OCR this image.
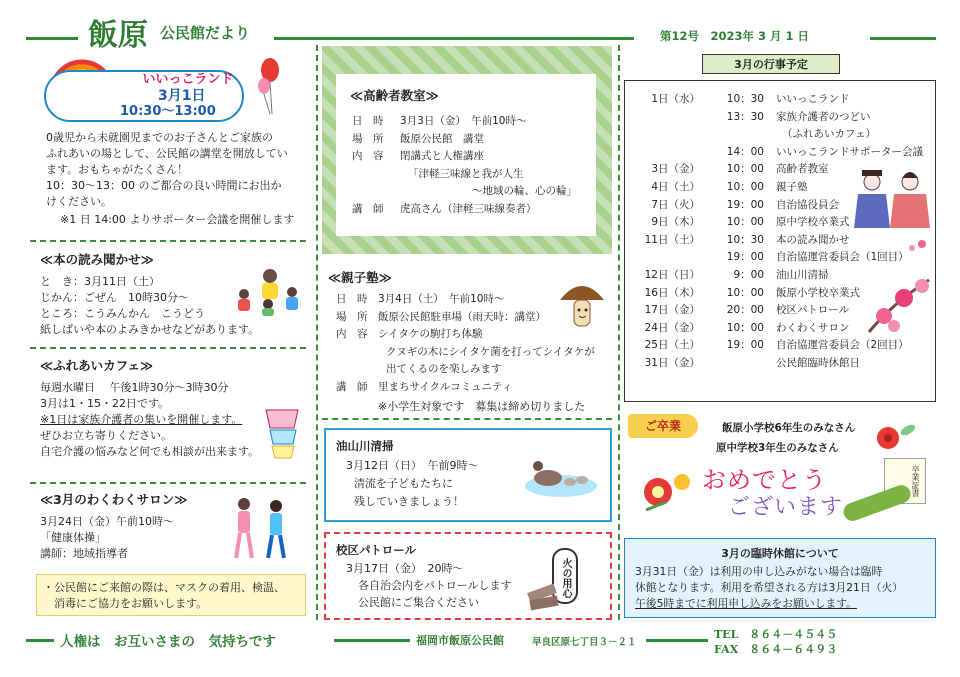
飯原 公民館だより	第12号　2023年 3 月 1 日
いいっこランド
3月1日
10:30〜13:00
0歳児から未就園児までのお子さんとご家族の
ふれあいの場として、公民館の講堂を開放してい
ます。おもちゃがたくさん！
10：30〜13：00 のご都合の良い時間にお出か
けください。
※1 日 14:00 よりサポーター会議を開催します
≪本の読み聞かせ≫
と　き：3月11日（土）
じかん：ごぜん　10時30分〜
ところ：こうみんかん　こうどう
紙しばいや本のよみきかせなどがあります。
≪ふれあいカフェ≫
毎週水曜日　 午後1時30分〜3時30分
3月は1・15・22日です。
※1日は家族介護者の集いを開催します。
ぜひお立ち寄りください。
自宅介護の悩みなど何でも相談が出来ます。
≪3月のわくわくサロン≫
3月24日（金）午前10時〜
「健康体操」
講師：地域指導者
・公民館にご来館の際は、マスクの着用、検温、
　消毒にご協力をお願いします。
≪高齢者教室≫
日　時	3月3日（金）　午前10時〜
場　所	飯原公民館　講堂
内　容	閉講式と人権講座
	「津軽三味線と我が人生
	〜地域の輪、心の輪」
講　師	虎高さん（津軽三味線奏者）
≪親子塾≫
日　時	3月4日（土）　午前10時〜
場　所	飯原公民館駐車場（雨天時：講堂）
内　容	シイタケの駒打ち体験
	クヌギの木にシイタケ菌を打ってシイタケが
	出てくるのを楽しみます
講　師	里まちサイクルコミュニティ
※小学生対象です　募集は締め切りました
油山川清掃
3月12日（日）　午前9時〜
清流を子どもたちに
残していきましょう！
校区パトロール
3月17日（金）　20時〜
各自治会内をパトロールします
公民館にご集合ください
火の用心
3月の行事予定
1日（水）	10：30	いいっこランド
	13：30	家族介護者のつどい
		（ふれあいカフェ）
	14：00	いいっこランドサポーター会議
3日（金）	10：00	高齢者教室
4日（土）	10：00	親子塾
7日（火）	19：00	自治協役員会
9日（木）	10：00	原中学校卒業式
11日（土）	10：30	本の読み聞かせ
	19：00	自治協運営委員会（1回目）
12日（日）	9：00	油山川清掃
16日（木）	10：00	飯原小学校卒業式
17日（金）	20：00	校区パトロール
24日（金）	10：00	わくわくサロン
25日（土）	19：00	自治協運営委員会（2回目）
31日（金）		公民館臨時休館日
ご卒業	飯原小学校6年生のみなさん
原中学校3年生のみなさん
おめでとう
ございます
卒業証書
3月の臨時休館について
3月31日（金）は利用の申し込みがない場合は臨時
休館となります。利用を希望される方は3月21日（火）
午後5時までに利用申し込みをお願いします。
人権は　お互いさまの　気持ちです	福岡市飯原公民館	早良区原七丁目３－２１
TEL　８６４－４５４５
FAX　８６４－６４９３
